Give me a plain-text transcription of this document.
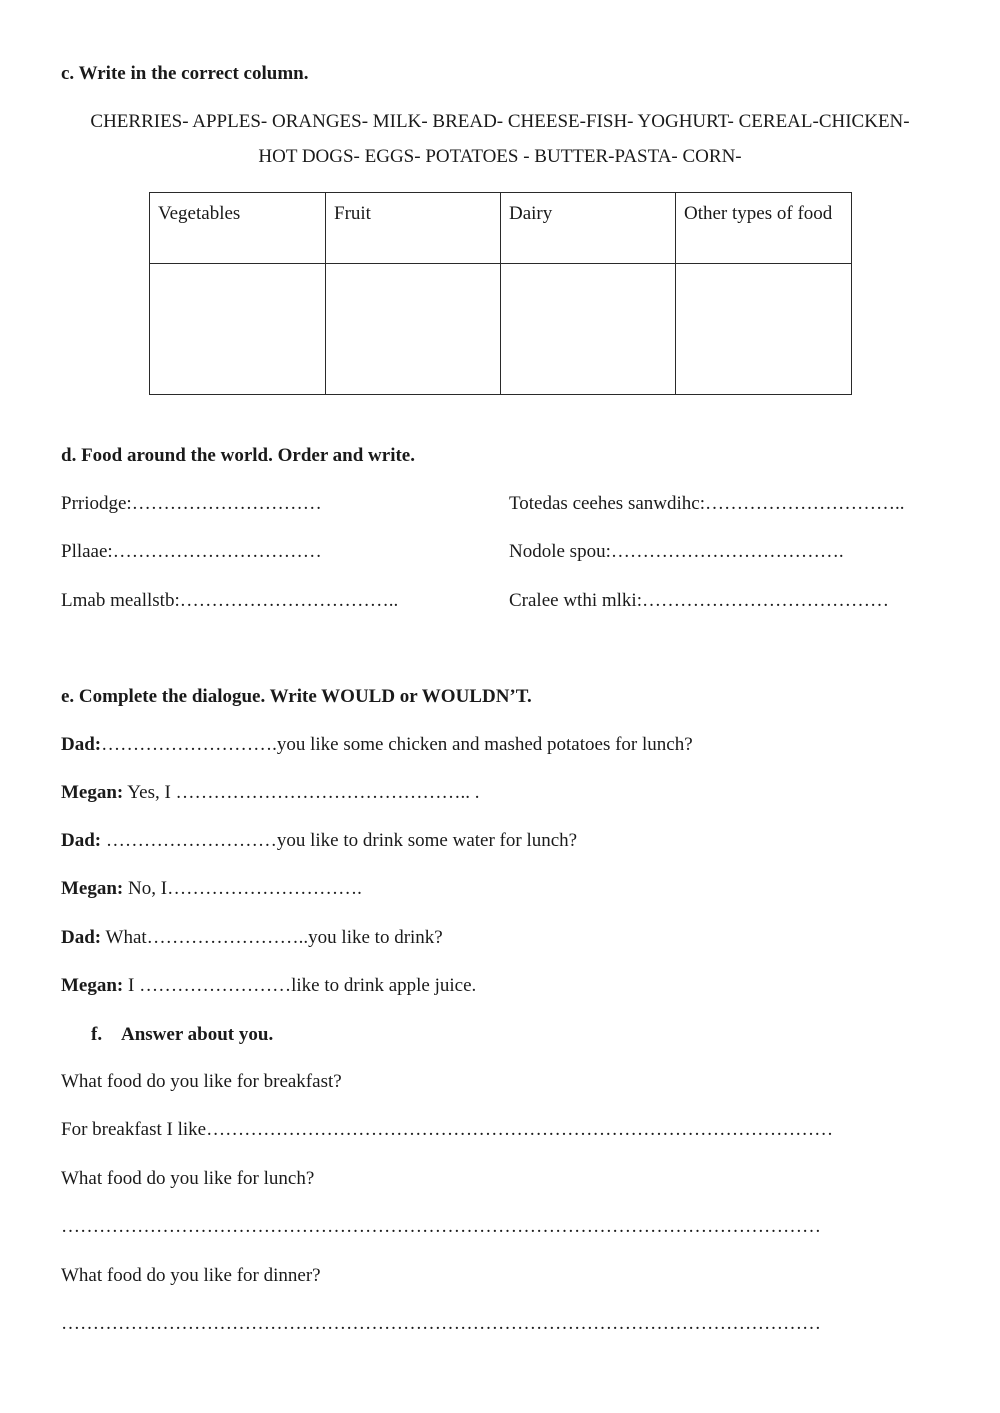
c. Write in the correct column.
CHERRIES- APPLES- ORANGES- MILK- BREAD- CHEESE-FISH- YOGHURT- CEREAL-CHICKEN-
HOT DOGS- EGGS- POTATOES - BUTTER-PASTA- CORN-
Vegetables	Fruit	Dairy	Other types of food

d. Food around the world. Order and write.
Prriodge:…………………………	Totedas ceehes sanwdihc:…………………………..
Pllaae:……………………………	Nodole spou:……………………………….
Lmab meallstb:……………………………..	Cralee wthi mlki:…………………………………
e. Complete the dialogue. Write WOULD or WOULDN’T.
Dad:……………………….you like some chicken and mashed potatoes for lunch?
Megan: Yes, I ……………………………………….. .
Dad: ………………………you like to drink some water for lunch?
Megan: No, I………………………….
Dad: What……………………..you like to drink?
Megan: I ……………………like to drink apple juice.
f. Answer about you.
What food do you like for breakfast?
For breakfast I like………………………………………………………………………………………
What food do you like for lunch?
…………………………………………………………………………………………………………
What food do you like for dinner?
…………………………………………………………………………………………………………
